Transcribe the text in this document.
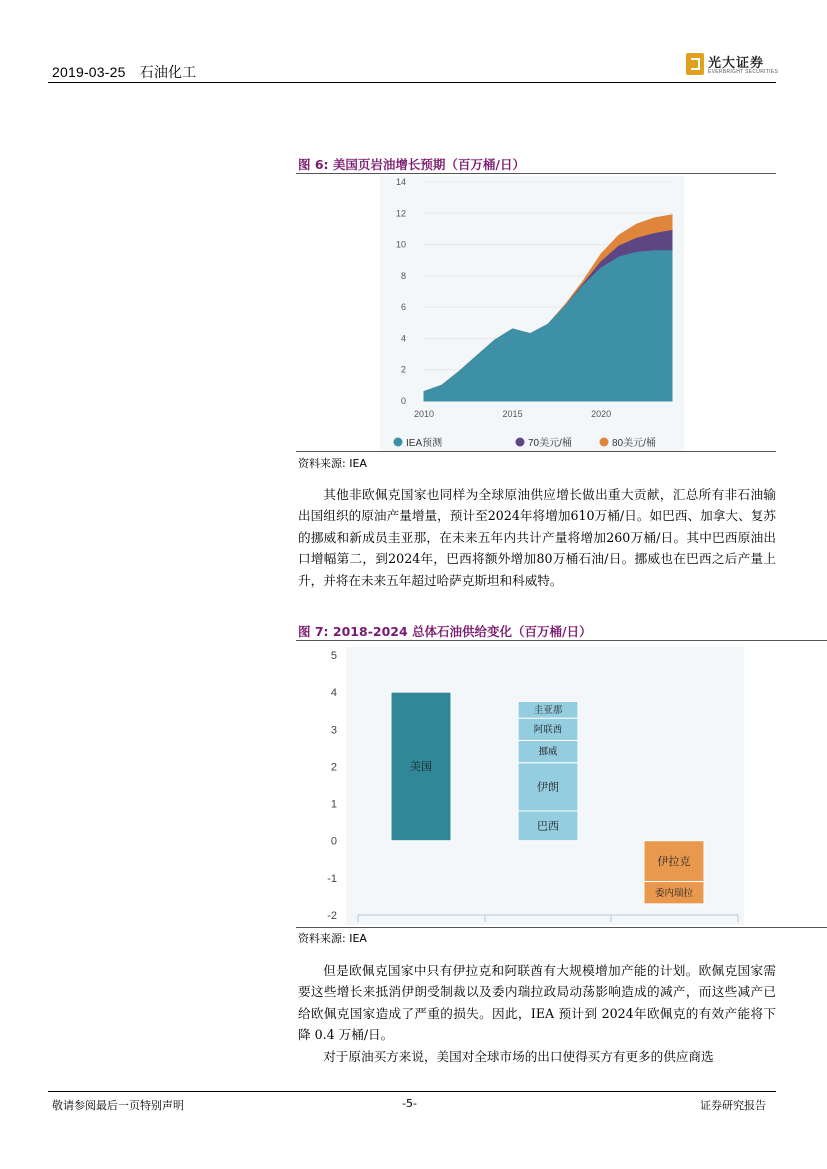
2019-03-25 石油化工
光大证券
EVERBRIGHT SECURITIES
图 6: 美国页岩油增长预期（百万桶/日）
0
2
4
6
8
10
12
14
2010	2015	2020
IEA预测	70美元/桶	80美元/桶
资料来源: IEA

其他非欧佩克国家也同样为全球原油供应增长做出重大贡献，汇总所有非石油输出国组织的原油产量增量，预计至2024年将增加610万桶/日。如巴西、加拿大、复苏的挪威和新成员圭亚那，在未来五年内共计产量将增加260万桶/日。其中巴西原油出口增幅第二，到2024年，巴西将额外增加80万桶石油/日。挪威也在巴西之后产量上升，并将在未来五年超过哈萨克斯坦和科威特。

图 7: 2018-2024 总体石油供给变化（百万桶/日）
5
4
3
2
1
0
-1
-2
美国
巴西
伊朗
挪威
阿联酋
圭亚那
伊拉克
委内瑞拉
资料来源: IEA

但是欧佩克国家中只有伊拉克和阿联酋有大规模增加产能的计划。欧佩克国家需要这些增长来抵消伊朗受制裁以及委内瑞拉政局动荡影响造成的减产，而这些减产已给欧佩克国家造成了严重的损失。因此，IEA 预计到 2024年欧佩克的有效产能将下降 0.4 万桶/日。

对于原油买方来说，美国对全球市场的出口使得买方有更多的供应商选

敬请参阅最后一页特别声明	-5-	证券研究报告
